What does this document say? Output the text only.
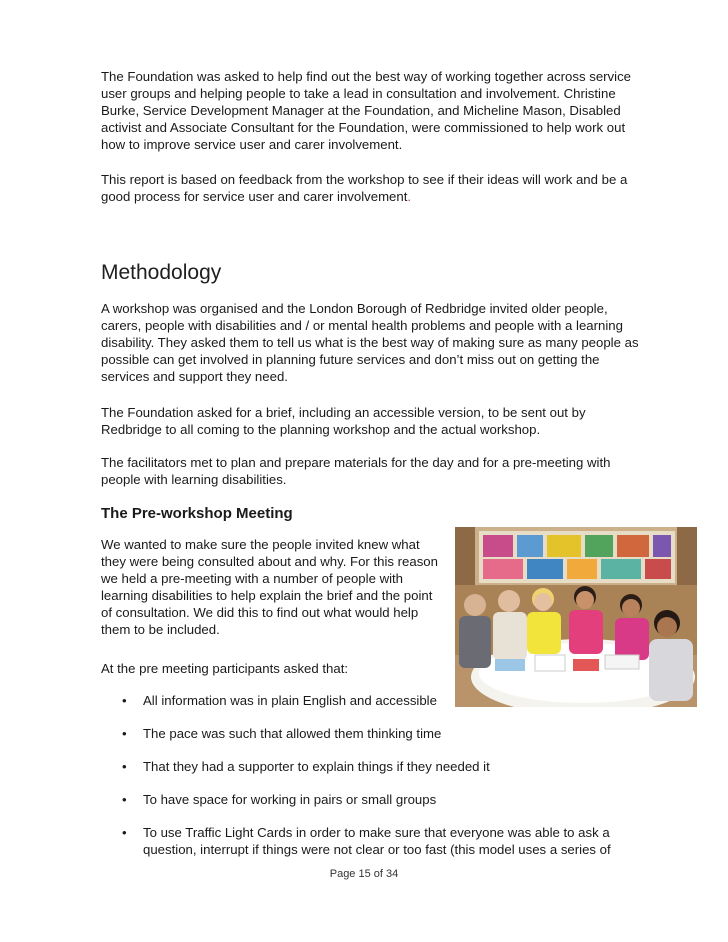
The Foundation was asked to help find out the best way of working together across service user groups and helping people to take a lead in consultation and involvement. Christine Burke, Service Development Manager at the Foundation, and Micheline Mason, Disabled activist and Associate Consultant for the Foundation, were commissioned to help work out how to improve service user and carer involvement.

This report is based on feedback from the workshop to see if their ideas will work and be a good process for service user and carer involvement.

Methodology

A workshop was organised and the London Borough of Redbridge invited older people, carers, people with disabilities and / or mental health problems and people with a learning disability. They asked them to tell us what is the best way of making sure as many people as possible can get involved in planning future services and don’t miss out on getting the services and support they need.

The Foundation asked for a brief, including an accessible version, to be sent out by Redbridge to all coming to the planning workshop and the actual workshop.

The facilitators met to plan and prepare materials for the day and for a pre-meeting with people with learning disabilities.

The Pre-workshop Meeting

We wanted to make sure the people invited knew what they were being consulted about and why. For this reason we held a pre-meeting with a number of people with learning disabilities to help explain the brief and the point of consultation. We did this to find out what would help them to be included.

At the pre meeting participants asked that:

• All information was in plain English and accessible
• The pace was such that allowed them thinking time
• That they had a supporter to explain things if they needed it
• To have space for working in pairs or small groups
• To use Traffic Light Cards in order to make sure that everyone was able to ask a question, interrupt if things were not clear or too fast (this model uses a series of
Page 15 of 34
